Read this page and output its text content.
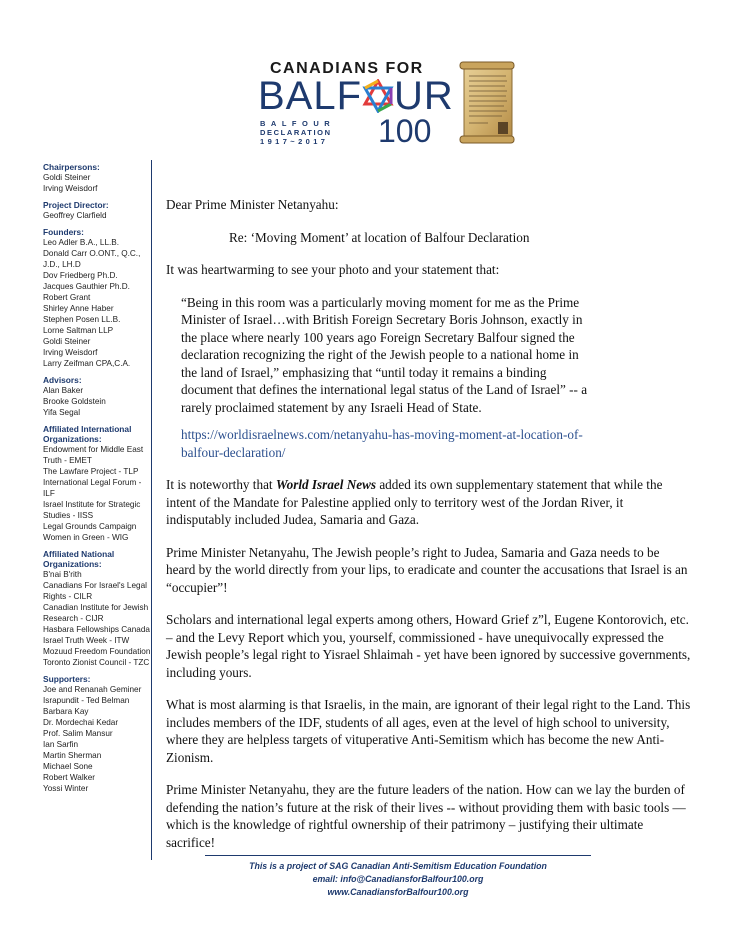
CANADIANS FOR
BALF UR
BALFOUR
DECLARATION
1917~2017 100
Chairpersons:
Goldi Steiner
Irving Weisdorf
Project Director:
Geoffrey Clarfield
Founders:
Leo Adler B.A., LL.B.
Donald Carr O.ONT., Q.C., J.D., LH.D
Dov Friedberg Ph.D.
Jacques Gauthier Ph.D.
Robert Grant
Shirley Anne Haber
Stephen Posen LL.B.
Lorne Saltman LLP
Goldi Steiner
Irving Weisdorf
Larry Zeifman CPA,C.A.
Advisors:
Alan Baker
Brooke Goldstein
Yifa Segal
Affiliated International Organizations:
Endowment for Middle East Truth - EMET
The Lawfare Project - TLP
International Legal Forum - ILF
Israel Institute for Strategic Studies - IISS
Legal Grounds Campaign
Women in Green - WIG
Affiliated National Organizations:
B'nai B'rith
Canadians For Israel's Legal Rights - CILR
Canadian Institute for Jewish Research - CIJR
Hasbara Fellowships Canada
Israel Truth Week - ITW
Mozuud Freedom Foundation
Toronto Zionist Council - TZC
Supporters:
Joe and Renanah Geminer
Israpundit - Ted Belman
Barbara Kay
Dr. Mordechai Kedar
Prof. Salim Mansur
Ian Sarfin
Martin Sherman
Michael Sone
Robert Walker
Yossi Winter

Dear Prime Minister Netanyahu:

Re: ‘Moving Moment’ at location of Balfour Declaration

It was heartwarming to see your photo and your statement that:

“Being in this room was a particularly moving moment for me as the Prime Minister of Israel…with British Foreign Secretary Boris Johnson, exactly in the place where nearly 100 years ago Foreign Secretary Balfour signed the declaration recognizing the right of the Jewish people to a national home in the land of Israel,” emphasizing that “until today it remains a binding document that defines the international legal status of the Land of Israel” -- a rarely proclaimed statement by any Israeli Head of State.

https://worldisraelnews.com/netanyahu-has-moving-moment-at-location-of-balfour-declaration/

It is noteworthy that World Israel News added its own supplementary statement that while the intent of the Mandate for Palestine applied only to territory west of the Jordan River, it indisputably included Judea, Samaria and Gaza.

Prime Minister Netanyahu, The Jewish people’s right to Judea, Samaria and Gaza needs to be heard by the world directly from your lips, to eradicate and counter the accusations that Israel is an “occupier”!

Scholars and international legal experts among others, Howard Grief z”l, Eugene Kontorovich, etc. – and the Levy Report which you, yourself, commissioned - have unequivocally expressed the Jewish people’s legal right to Yisrael Shlaimah - yet have been ignored by successive governments, including yours.

What is most alarming is that Israelis, in the main, are ignorant of their legal right to the Land. This includes members of the IDF, students of all ages, even at the level of high school to university, where they are helpless targets of vituperative Anti-Semitism which has become the new Anti-Zionism.

Prime Minister Netanyahu, they are the future leaders of the nation. How can we lay the burden of defending the nation’s future at the risk of their lives -- without providing them with basic tools — which is the knowledge of rightful ownership of their patrimony – justifying their ultimate sacrifice!

This is a project of SAG Canadian Anti-Semitism Education Foundation
email: info@CanadiansforBalfour100.org
www.CanadiansforBalfour100.org
